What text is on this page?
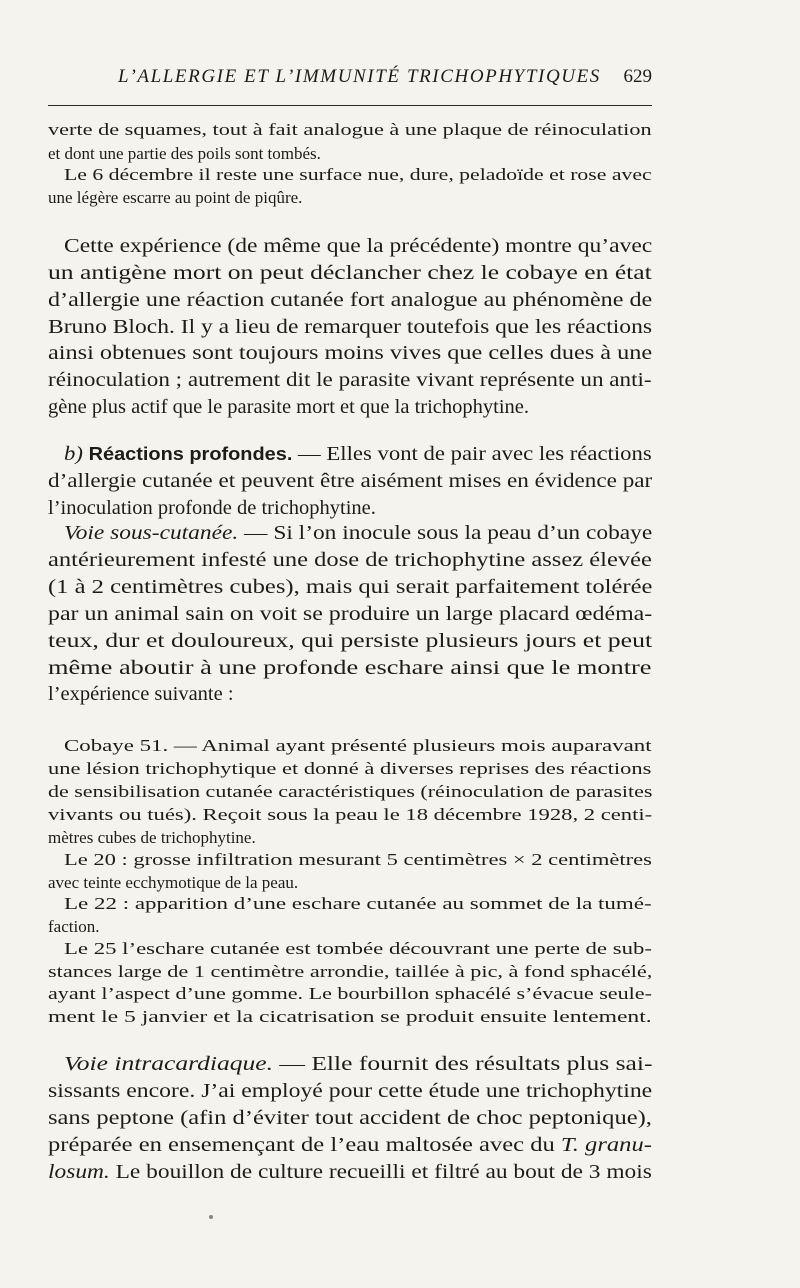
L’ALLERGIE ET L’IMMUNITÉ TRICHOPHYTIQUES 629
verte de squames, tout à fait analogue à une plaque de réinoculation
et dont une partie des poils sont tombés.
Le 6 décembre il reste une surface nue, dure, peladoïde et rose avec
une légère escarre au point de piqûre.
Cette expérience (de même que la précédente) montre qu’avec
un antigène mort on peut déclancher chez le cobaye en état
d’allergie une réaction cutanée fort analogue au phénomène de
Bruno Bloch. Il y a lieu de remarquer toutefois que les réactions
ainsi obtenues sont toujours moins vives que celles dues à une
réinoculation ; autrement dit le parasite vivant représente un anti-
gène plus actif que le parasite mort et que la trichophytine.
b) Réactions profondes. — Elles vont de pair avec les réactions
d’allergie cutanée et peuvent être aisément mises en évidence par
l’inoculation profonde de trichophytine.
Voie sous-cutanée. — Si l’on inocule sous la peau d’un cobaye
antérieurement infesté une dose de trichophytine assez élevée
(1 à 2 centimètres cubes), mais qui serait parfaitement tolérée
par un animal sain on voit se produire un large placard œdéma-
teux, dur et douloureux, qui persiste plusieurs jours et peut
même aboutir à une profonde eschare ainsi que le montre
l’expérience suivante :
Cobaye 51. — Animal ayant présenté plusieurs mois auparavant
une lésion trichophytique et donné à diverses reprises des réactions
de sensibilisation cutanée caractéristiques (réinoculation de parasites
vivants ou tués). Reçoit sous la peau le 18 décembre 1928, 2 centi-
mètres cubes de trichophytine.
Le 20 : grosse infiltration mesurant 5 centimètres × 2 centimètres
avec teinte ecchymotique de la peau.
Le 22 : apparition d’une eschare cutanée au sommet de la tumé-
faction.
Le 25 l’eschare cutanée est tombée découvrant une perte de sub-
stances large de 1 centimètre arrondie, taillée à pic, à fond sphacélé,
ayant l’aspect d’une gomme. Le bourbillon sphacélé s’évacue seule-
ment le 5 janvier et la cicatrisation se produit ensuite lentement.
Voie intracardiaque. — Elle fournit des résultats plus sai-
sissants encore. J’ai employé pour cette étude une trichophytine
sans peptone (afin d’éviter tout accident de choc peptonique),
préparée en ensemençant de l’eau maltosée avec du T. granu-
losum. Le bouillon de culture recueilli et filtré au bout de 3 mois
